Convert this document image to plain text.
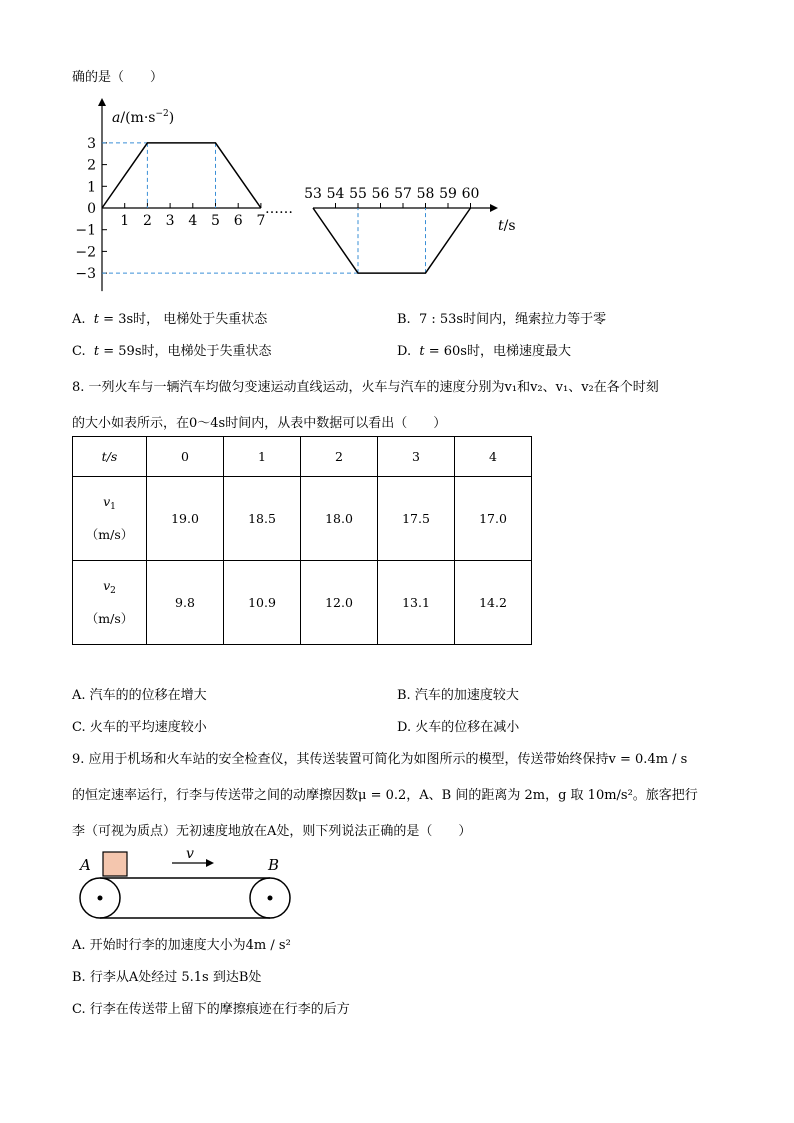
确的是（　　）
$a/(m\cdot s^{-2})$
t/s
……
3
2
1
0
−1
−2
−3
1 2 3 4 5 6 7
53 54 55 56 57 58 59 60
A. t = 3s时， 电梯处于失重状态	B. 7 : 53s时间内，绳索拉力等于零
C. t = 59s时，电梯处于失重状态	D. t = 60s时，电梯速度最大
8. 一列火车与一辆汽车均做匀变速运动直线运动，火车与汽车的速度分别为v₁和v₂、v₁、v₂在各个时刻
的大小如表所示，在0～4s时间内，从表中数据可以看出（　　）
t/s	0	1	2	3	4
$v_1$
（m/s）	19.0	18.5	18.0	17.5	17.0
$v_2$
（m/s）	9.8	10.9	12.0	13.1	14.2
A. 汽车的的位移在增大	B. 汽车的加速度较大
C. 火车的平均速度较小	D. 火车的位移在减小
9. 应用于机场和火车站的安全检查仪，其传送装置可简化为如图所示的模型，传送带始终保持v = 0.4m / s
的恒定速率运行，行李与传送带之间的动摩擦因数μ = 0.2，A、B 间的距离为 2m，g 取 10m/s²。旅客把行
李（可视为质点）无初速度地放在A处，则下列说法正确的是（　　）
A	B
v
A. 开始时行李的加速度大小为4m / s²
B. 行李从A处经过 5.1s 到达B处
C. 行李在传送带上留下的摩擦痕迹在行李的后方
